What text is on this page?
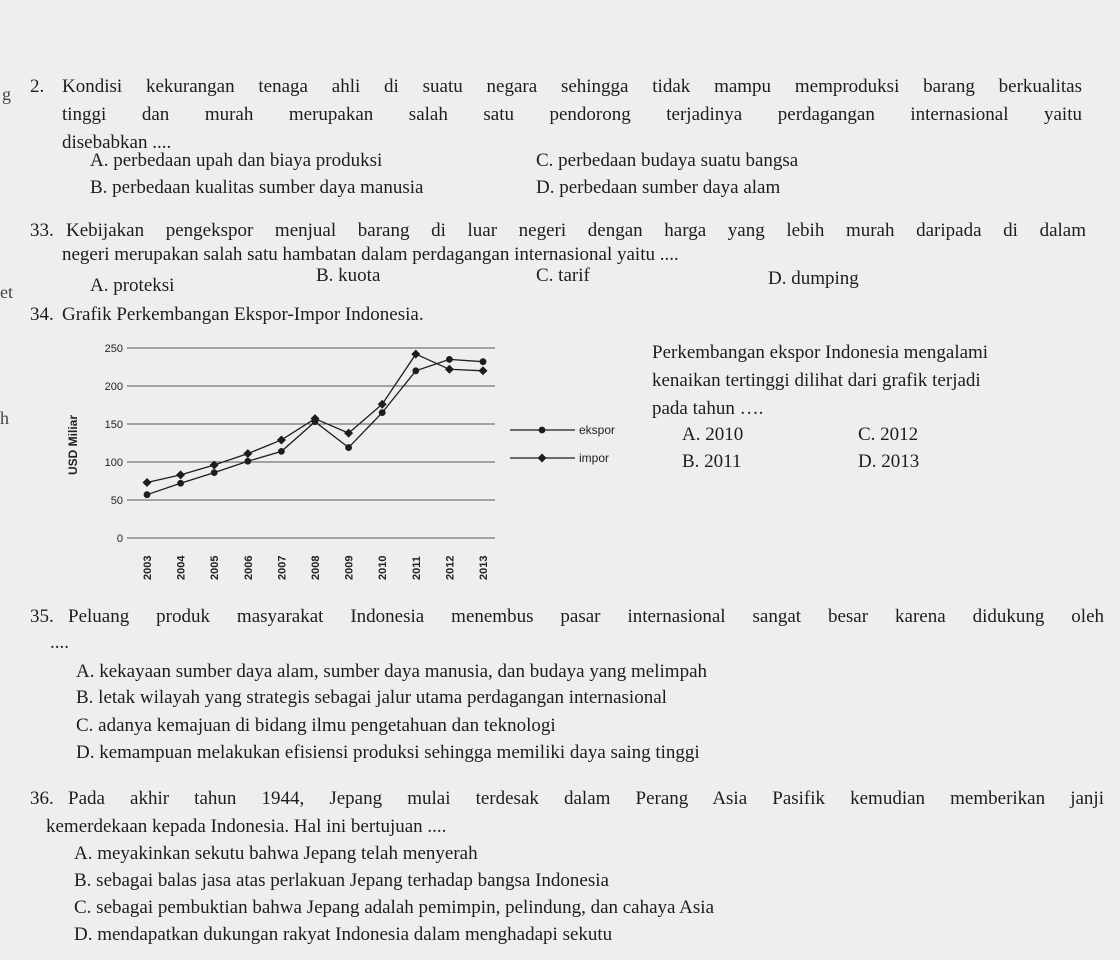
g
et
h
2. Kondisi kekurangan tenaga ahli di suatu negara sehingga tidak mampu memproduksi barang berkualitas
tinggi dan murah merupakan salah satu pendorong terjadinya perdagangan internasional yaitu
disebabkan ....
A. perbedaan upah dan biaya produksi
B. perbedaan kualitas sumber daya manusia
C. perbedaan budaya suatu bangsa
D. perbedaan sumber daya alam
33. Kebijakan pengekspor menjual barang di luar negeri dengan harga yang lebih murah daripada di dalam
negeri merupakan salah satu hambatan dalam perdagangan internasional yaitu ....
A. proteksi	B. kuota	C. tarif	D. dumping
34. Grafik Perkembangan Ekspor-Impor Indonesia.
Perkembangan ekspor Indonesia mengalami
kenaikan tertinggi dilihat dari grafik terjadi
pada tahun ….
A. 2010
B. 2011
C. 2012
D. 2013
0
50
100
150
200
250
2003 2004 2005 2006 2007 2008 2009 2010 2011 2012 2013
USD Miliar	ekspor
impor
35. Peluang produk masyarakat Indonesia menembus pasar internasional sangat besar karena didukung oleh
....
A. kekayaan sumber daya alam, sumber daya manusia, dan budaya yang melimpah
B. letak wilayah yang strategis sebagai jalur utama perdagangan internasional
C. adanya kemajuan di bidang ilmu pengetahuan dan teknologi
D. kemampuan melakukan efisiensi produksi sehingga memiliki daya saing tinggi
36. Pada akhir tahun 1944, Jepang mulai terdesak dalam Perang Asia Pasifik kemudian memberikan janji
kemerdekaan kepada Indonesia. Hal ini bertujuan ....
A. meyakinkan sekutu bahwa Jepang telah menyerah
B. sebagai balas jasa atas perlakuan Jepang terhadap bangsa Indonesia
C. sebagai pembuktian bahwa Jepang adalah pemimpin, pelindung, dan cahaya Asia
D. mendapatkan dukungan rakyat Indonesia dalam menghadapi sekutu
